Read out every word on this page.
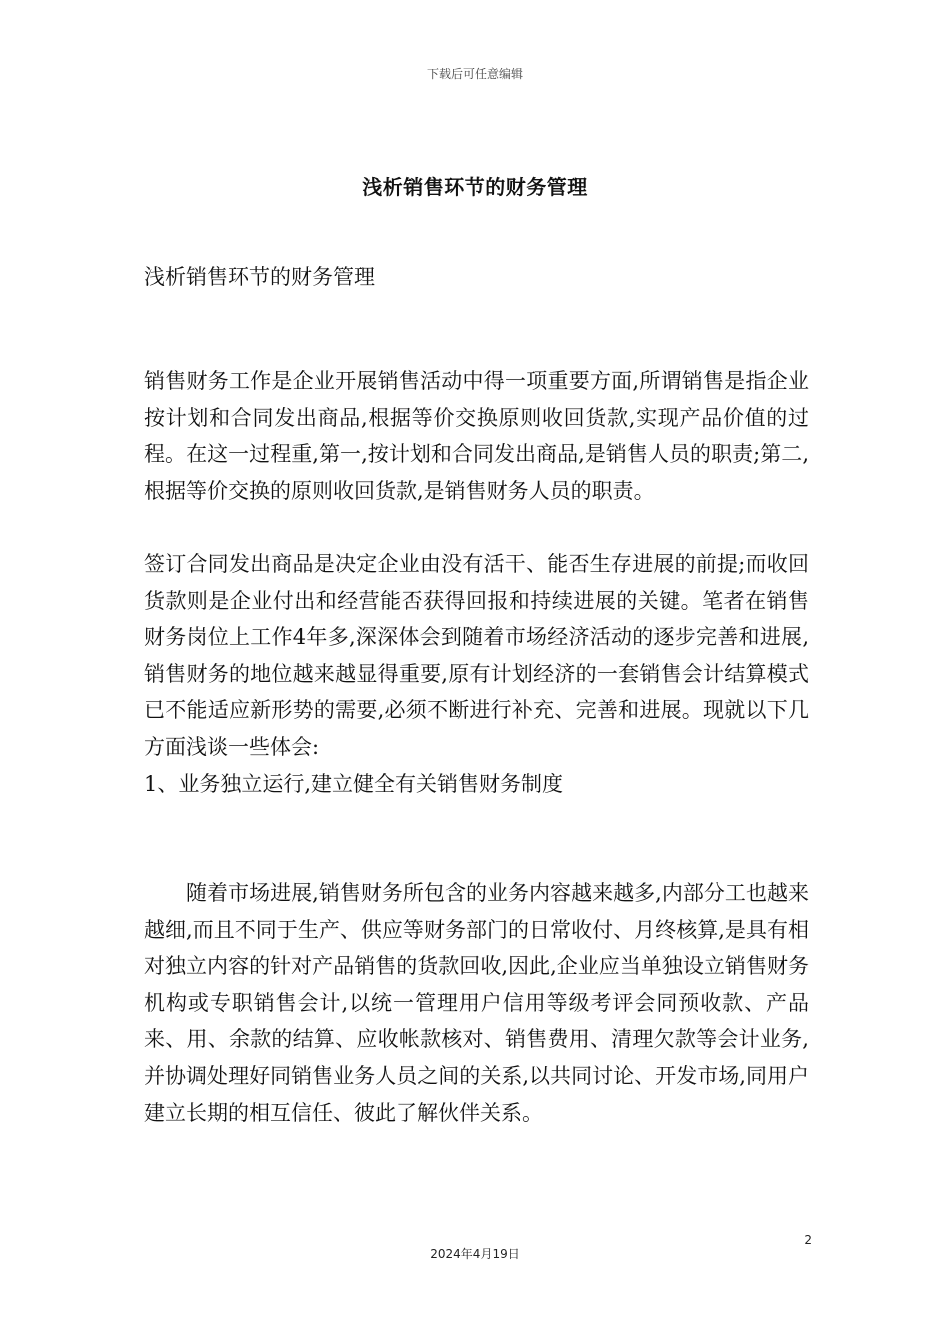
下载后可任意编辑
浅析销售环节的财务管理
浅析销售环节的财务管理
销售财务工作是企业开展销售活动中得一项重要方面,所谓销售是指企业按计划和合同发出商品,根据等价交换原则收回货款,实现产品价值的过程。在这一过程重,第一,按计划和合同发出商品,是销售人员的职责;第二,根据等价交换的原则收回货款,是销售财务人员的职责。
签订合同发出商品是决定企业由没有活干、能否生存进展的前提;而收回货款则是企业付出和经营能否获得回报和持续进展的关键。笔者在销售财务岗位上工作4年多,深深体会到随着市场经济活动的逐步完善和进展,销售财务的地位越来越显得重要,原有计划经济的一套销售会计结算模式已不能适应新形势的需要,必须不断进行补充、完善和进展。现就以下几方面浅谈一些体会:
1、业务独立运行,建立健全有关销售财务制度
随着市场进展,销售财务所包含的业务内容越来越多,内部分工也越来越细,而且不同于生产、供应等财务部门的日常收付、月终核算,是具有相对独立内容的针对产品销售的货款回收,因此,企业应当单独设立销售财务机构或专职销售会计,以统一管理用户信用等级考评会同预收款、产品来、用、余款的结算、应收帐款核对、销售费用、清理欠款等会计业务,并协调处理好同销售业务人员之间的关系,以共同讨论、开发市场,同用户建立长期的相互信任、彼此了解伙伴关系。
2
2024年4月19日
